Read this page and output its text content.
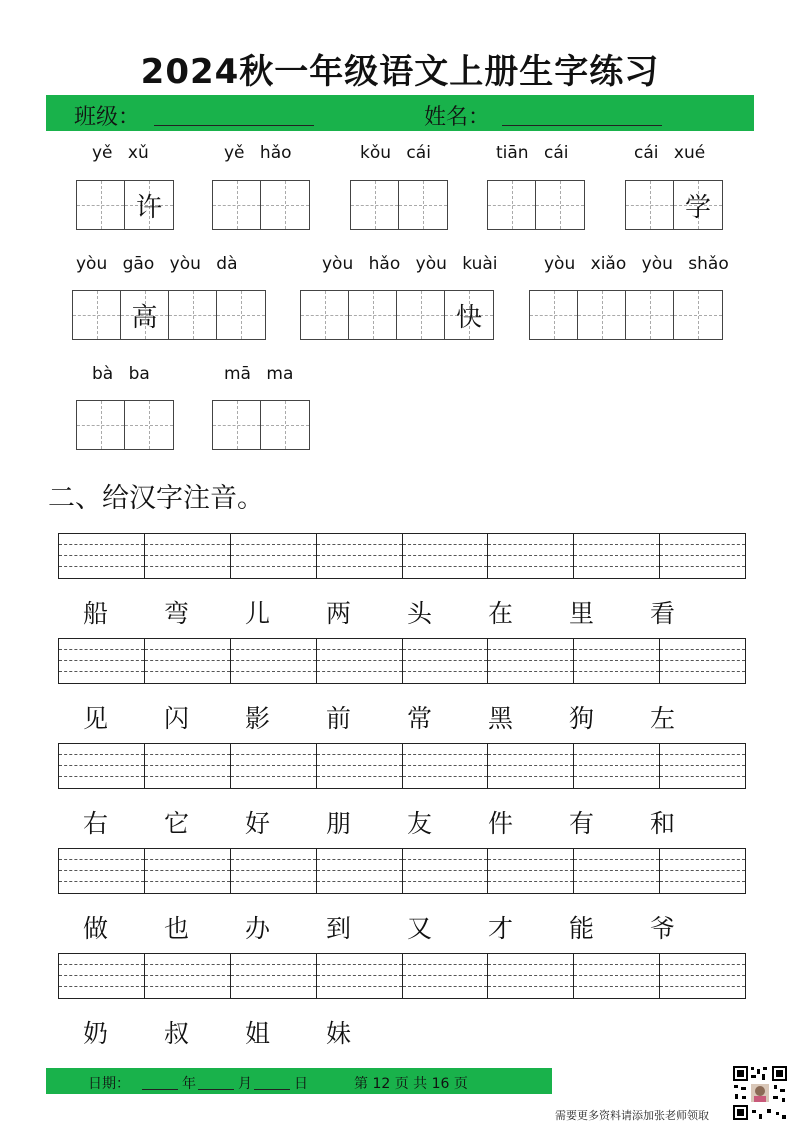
2024秋一年级语文上册生字练习
班级：	姓名：
yě xǔ
许
yě hǎo	kǒu cái	tiān cái	cái xué
学
yòu gāo yòu dà
高
yòu hǎo yòu kuài
快
yòu xiǎo yòu shǎo
bà ba	mā ma
二、给汉字注音。
船	弯	儿	两	头	在	里	看
见	闪	影	前	常	黑	狗	左
右	它	好	朋	友	件	有	和
做	也	办	到	又	才	能	爷
奶	叔	姐	妹
日期：	年	月	日	第 12 页 共 16 页
需要更多资料请添加张老师领取
